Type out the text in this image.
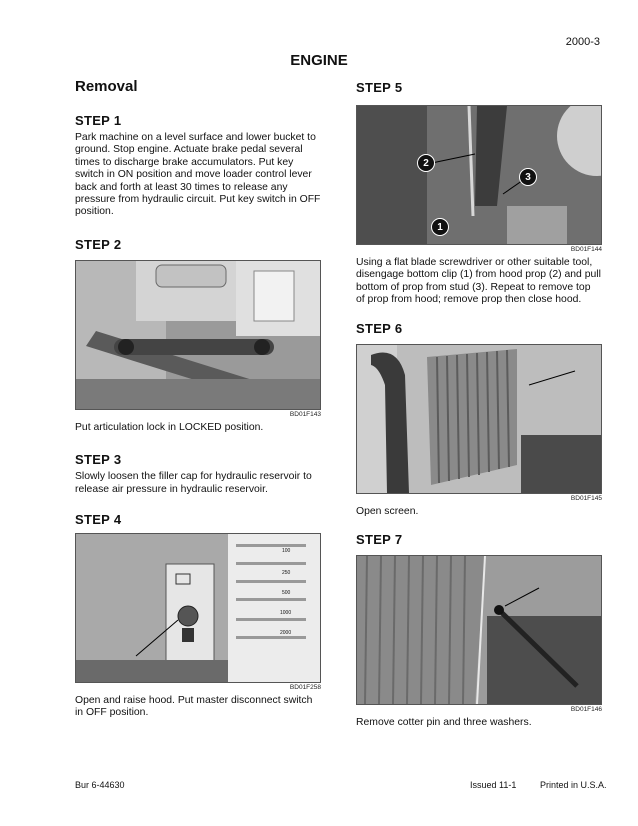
2000-3
ENGINE
Removal
STEP 1

Park machine on a level surface and lower bucket to ground. Stop engine. Actuate brake pedal several times to discharge brake accumulators. Put key switch in ON position and move loader control lever back and forth at least 30 times to release any pressure from hydraulic circuit. Put key switch in OFF position.

STEP 2
BD01F143

Put articulation lock in LOCKED position.

STEP 3

Slowly loosen the filler cap for hydraulic reservoir to release air pressure in hydraulic reservoir.

STEP 4
100
250
500
1000
2000
BD01F258

Open and raise hood. Put master disconnect switch in OFF position.

STEP 5
2
3
1
BD01F144

Using a flat blade screwdriver or other suitable tool, disengage bottom clip (1) from hood prop (2) and pull bottom of prop from stud (3). Repeat to remove top of prop from hood; remove prop then close hood.

STEP 6
BD01F145

Open screen.

STEP 7
BD01F146

Remove cotter pin and three washers.

Bur 6-44630	Issued 11-1	Printed in U.S.A.
